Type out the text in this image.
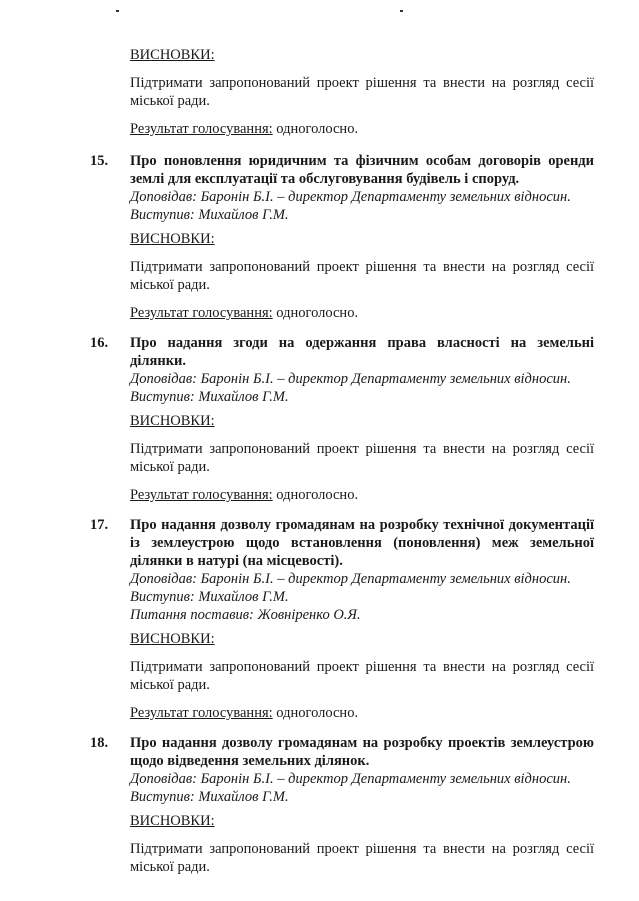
ВИСНОВКИ:

Підтримати запропонований проект рішення та внести на розгляд сесії міської ради.

Результат голосування: одноголосно.

15. Про поновлення юридичним та фізичним особам договорів оренди землі для експлуатації та обслуговування будівель і споруд.

Доповідав: Баронін Б.І. – директор Департаменту земельних відносин.

Виступив: Михайлов Г.М.

ВИСНОВКИ:

Підтримати запропонований проект рішення та внести на розгляд сесії міської ради.

Результат голосування: одноголосно.

16. Про надання згоди на одержання права власності на земельні ділянки.

Доповідав: Баронін Б.І. – директор Департаменту земельних відносин.

Виступив: Михайлов Г.М.

ВИСНОВКИ:

Підтримати запропонований проект рішення та внести на розгляд сесії міської ради.

Результат голосування: одноголосно.

17. Про надання дозволу громадянам на розробку технічної документації із землеустрою щодо встановлення (поновлення) меж земельної ділянки в натурі (на місцевості).

Доповідав: Баронін Б.І. – директор Департаменту земельних відносин.

Виступив: Михайлов Г.М.

Питання поставив: Жовніренко О.Я.

ВИСНОВКИ:

Підтримати запропонований проект рішення та внести на розгляд сесії міської ради.

Результат голосування: одноголосно.

18. Про надання дозволу громадянам на розробку проектів землеустрою щодо відведення земельних ділянок.

Доповідав: Баронін Б.І. – директор Департаменту земельних відносин.

Виступив: Михайлов Г.М.

ВИСНОВКИ:

Підтримати запропонований проект рішення та внести на розгляд сесії міської ради.
